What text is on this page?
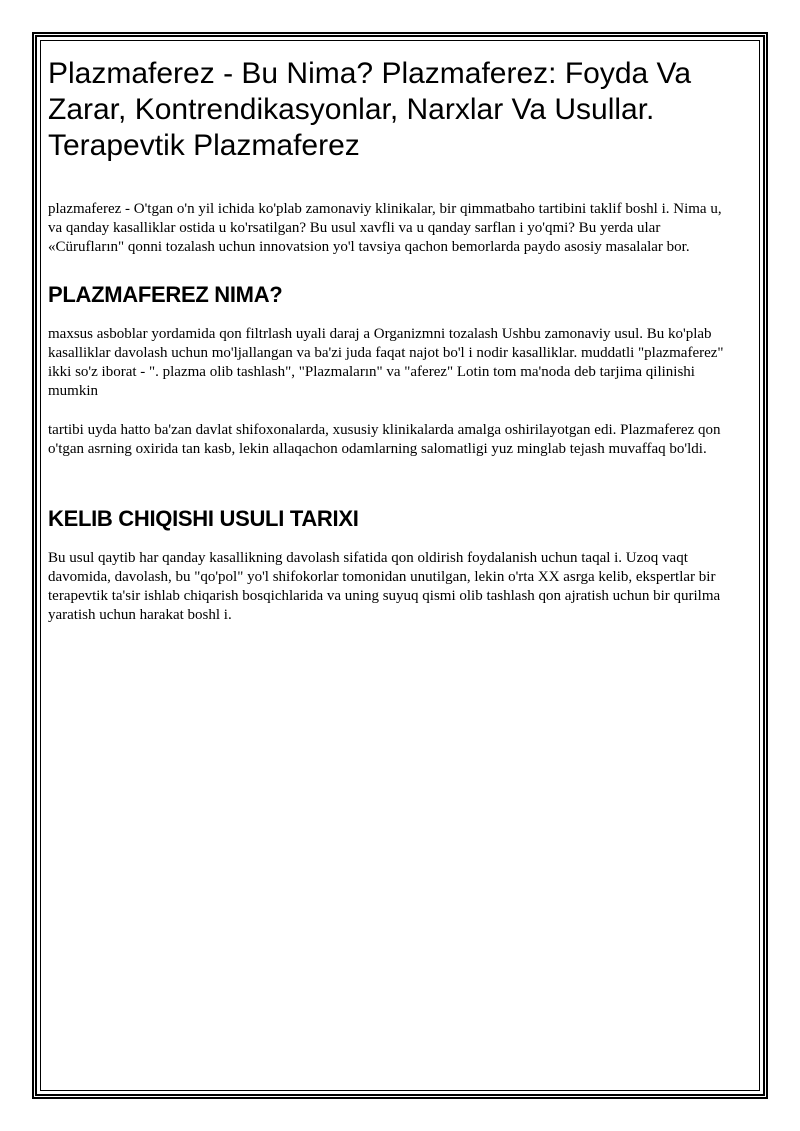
Plazmaferez - Bu Nima? Plazmaferez: Foyda Va Zarar, Kontrendikasyonlar, Narxlar Va Usullar. Terapevtik Plazmaferez

plazmaferez - O'tgan o'n yil ichida ko'plab zamonaviy klinikalar, bir qimmatbaho tartibini taklif boshl i. Nima u, va qanday kasalliklar ostida u ko'rsatilgan? Bu usul xavfli va u qanday sarflan i yo'qmi? Bu yerda ular «Cürufların" qonni tozalash uchun innovatsion yo'l tavsiya qachon bemorlarda paydo asosiy masalalar bor.

PLAZMAFEREZ NIMA?

maxsus asboblar yordamida qon filtrlash uyali daraj a Organizmni tozalash Ushbu zamonaviy usul. Bu ko'plab kasalliklar davolash uchun mo'ljallangan va ba'zi juda faqat najot bo'l i nodir kasalliklar. muddatli "plazmaferez" ikki so'z iborat - ". plazma olib tashlash", "Plazmaların" va "aferez" Lotin tom ma'noda deb tarjima qilinishi mumkin

tartibi uyda hatto ba'zan davlat shifoxonalarda, xususiy klinikalarda amalga oshirilayotgan edi. Plazmaferez qon o'tgan asrning oxirida tan kasb, lekin allaqachon odamlarning salomatligi yuz minglab tejash muvaffaq bo'ldi.

KELIB CHIQISHI USULI TARIXI

Bu usul qaytib har qanday kasallikning davolash sifatida qon oldirish foydalanish uchun taqal i. Uzoq vaqt davomida, davolash, bu "qo'pol" yo'l shifokorlar tomonidan unutilgan, lekin o'rta XX asrga kelib, ekspertlar bir terapevtik ta'sir ishlab chiqarish bosqichlarida va uning suyuq qismi olib tashlash qon ajratish uchun bir qurilma yaratish uchun harakat boshl i.
